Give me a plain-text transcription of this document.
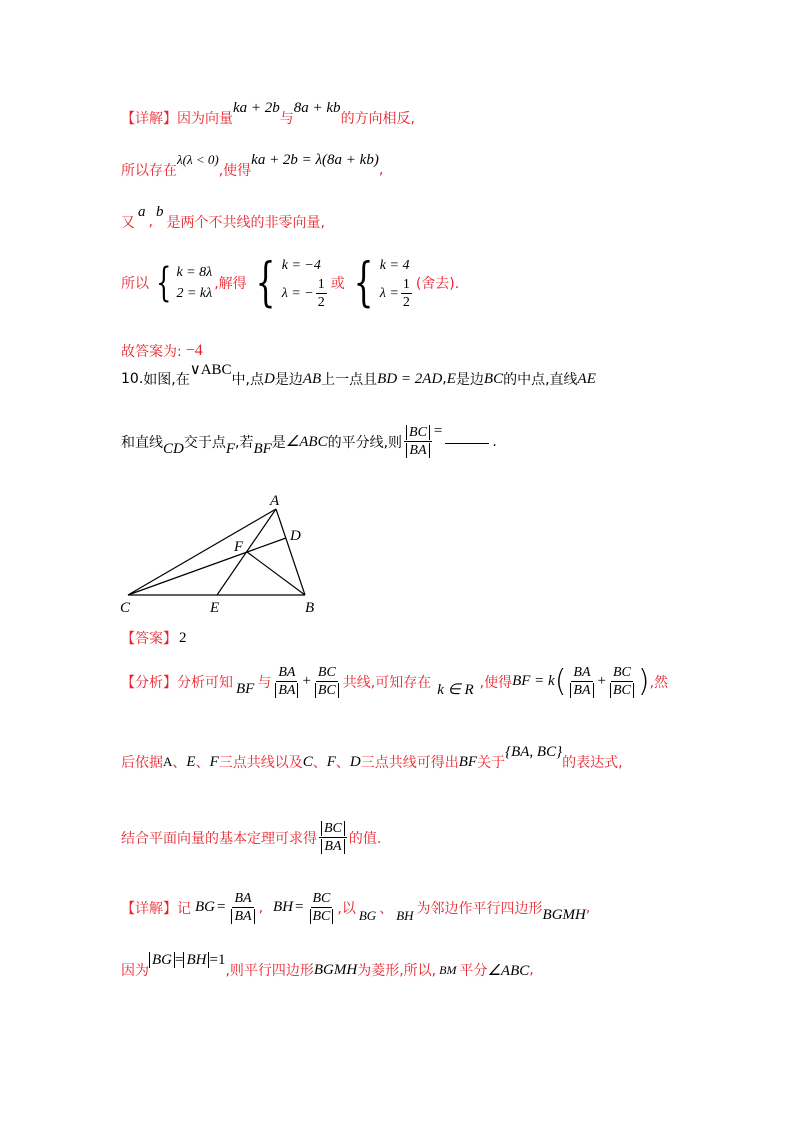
【详解】 因为向量
ka + 2b
与
8a + kb
的方向相反,
所以存在
λ(λ < 0)
,使得
ka + 2b = λ(8a + kb)
,
又
a
,
b
是两个不共线的非零向量,
所以 { k = 8λ
2 = kλ
,解得 { k = −4
λ = − $\frac{1}{2}$ 或 { k = 4
$\lambda = \frac{1}{2}$ (舍去).
故答案为: −4
10. 如图,在
∨ABC
中,点 D 是边 AB 上一点且 BD = 2AD , E 是边 BC 的中点,直线 AE
和直线 CD 交于点 F ,若 BF 是 ∠ABC 的平分线,则 $\frac{BC}{BA}$ =
.
A
B
C
D
E
F
【答案】 2
【分析】 分析可知 BF 与 $\frac{BA}{BA} + \frac{BC}{BC}$ 共线,可知存在 k ∈ R ,使得 BF = k ( $\frac{BA}{BA} + \frac{BC}{BC}$ ) ,然
后依据 A 、 E 、 F 三点共线以及 C 、 F 、 D 三点共线可得出 BF 关于
{BA, BC}
的表达式,
结合平面向量的基本定理可求得 $\frac{BC}{BA}$ 的值.
【详解】 记 BG = $\frac{BA}{BA}$ , BH = $\frac{BC}{BC}$ ,以 BG 、 BH 为邻边作平行四边形 BGMH ,
因为
BG = BH = 1
,则平行四边形 BGMH 为菱形,所以, BM 平分 ∠ABC ,
